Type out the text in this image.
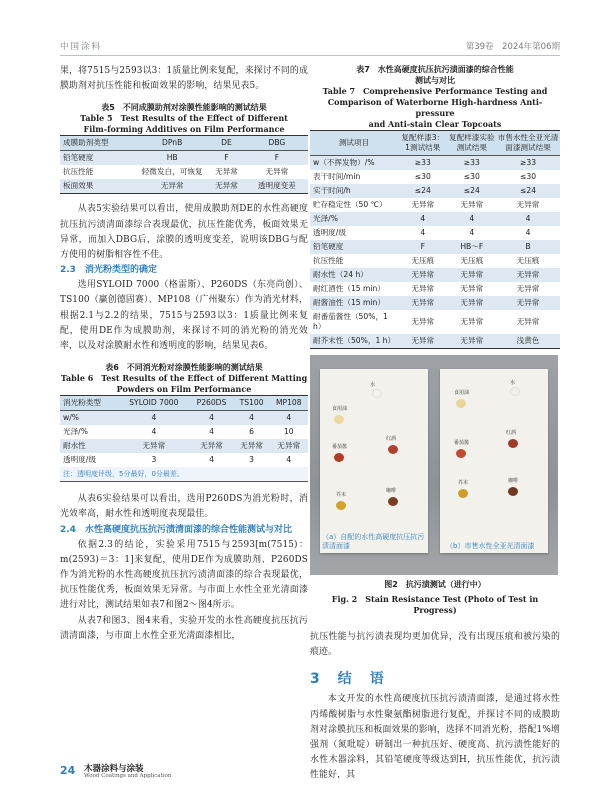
中国涂料	第39卷　2024年第06期

果，将7515与2593以3：1质量比例来复配，来探讨不同的成膜助剂对抗压性能和板面效果的影响，结果见表5。

表5　不同成膜助剂对涂膜性能影响的测试结果
Table 5　Test Results of the Effect of Different
Film-forming Additives on Film Performance
成膜助剂类型	DPnB	DE	DBG
铅笔硬度	HB	F	F
抗压性能	轻微发白，可恢复	无异常	无异常
板面效果	无异常	无异常	透明度变差

从表5实验结果可以看出，使用成膜助剂DE的水性高硬度抗压抗污渍清面漆综合表现最优，抗压性能优秀，板面效果无异常，而加入DBG后，涂膜的透明度变差，说明该DBG与配方使用的树脂相容性不佳。

2.3　消光粉类型的确定

选用SYLOID 7000（格雷斯）、P260DS（东亮尚创）、TS100（赢创德固赛）、MP108（广州聚东）作为消光材料，根据2.1与2.2的结果，7515与2593以3：1质量比例来复配，使用DE作为成膜助剂，来探讨不同的消光粉的消光效率，以及对涂膜耐水性和透明度的影响，结果见表6。

表6　不同消光粉对涂膜性能影响的测试结果
Table 6　Test Results of the Effect of Different Matting
Powders on Film Performance
消光粉类型	SYLOID 7000	P260DS	TS100	MP108
w/%	4	4	4	4
光泽/%	4	4	6	10
耐水性	无异常	无异常	无异常	无异常
透明度/级	3	4	3	4
注：透明度评级，5分最好，0分最差。

从表6实验结果可以看出，选用P260DS为消光粉时，消光效率高，耐水性和透明度表现最佳。

2.4　水性高硬度抗压抗污渍清面漆的综合性能测试与对比

依据2.3的结论，实验采用7515与2593[m(7515)：m(2593)＝3：1]来复配，使用DE作为成膜助剂、P260DS作为消光粉的水性高硬度抗压抗污渍清面漆的综合表现最优，抗压性能优秀，板面效果无异常。与市面上水性全亚光清面漆进行对比，测试结果如表7和图2～图4所示。

从表7和图3、图4来看，实验开发的水性高硬度抗压抗污渍清面漆，与市面上水性全亚光清面漆相比，

表7　水性高硬度抗压抗污渍面漆的综合性能
测试与对比
Table 7　Comprehensive Performance Testing and
Comparison of Waterborne High-hardness Anti-pressure
and Anti-stain Clear Topcoats
测试项目	复配样漆3：1测试结果	复配样漆实验测试结果	市售水性全亚光清面漆测试结果
w（不挥发物）/%	≥33	≥33	≥33
表干时间/min	≤30	≤30	≤30
实干时间/h	≤24	≤24	≤24
贮存稳定性（50 ℃）	无异常	无异常	无异常
光泽/%	4	4	4
透明度/级	4	4	4
铅笔硬度	F	HB～F	B
抗压性能	无压痕	无压痕	无压痕
耐水性（24 h）	无异常	无异常	无异常
耐红酒性（15 min）	无异常	无异常	无异常
耐酱油性（15 min）	无异常	无异常	无异常
耐番茄酱性（50%，1 h）	无异常	无异常	无异常
耐芥末性（50%，1 h）	无异常	无异常	浅黄色
水
食用油
红酒
番茄酱
芥末
咖啡
（a）自配的水性高硬度抗压抗污渍清面漆
水
食用油
红酒
番茄酱
芥末	咖啡
（b）市售水性全亚光清面漆
图2　抗污渍测试（进行中）
Fig. 2　Stain Resistance Test (Photo of Test in Progress)

抗压性能与抗污渍表现均更加优异，没有出现压痕和被污染的痕迹。

3　结　语

本文开发的水性高硬度抗压抗污渍清面漆，是通过将水性丙烯酸树脂与水性聚氨酯树脂进行复配，并探讨不同的成膜助剂对涂膜抗压和板面效果的影响，选择不同消光粉，搭配1%增强剂（氮吡啶）研制出一种抗压好、硬度高、抗污渍性能好的水性木器涂料，其铅笔硬度等级达到H，抗压性能优，抗污渍性能好，其

24 木器涂料与涂装
Wood Coatings and Application
